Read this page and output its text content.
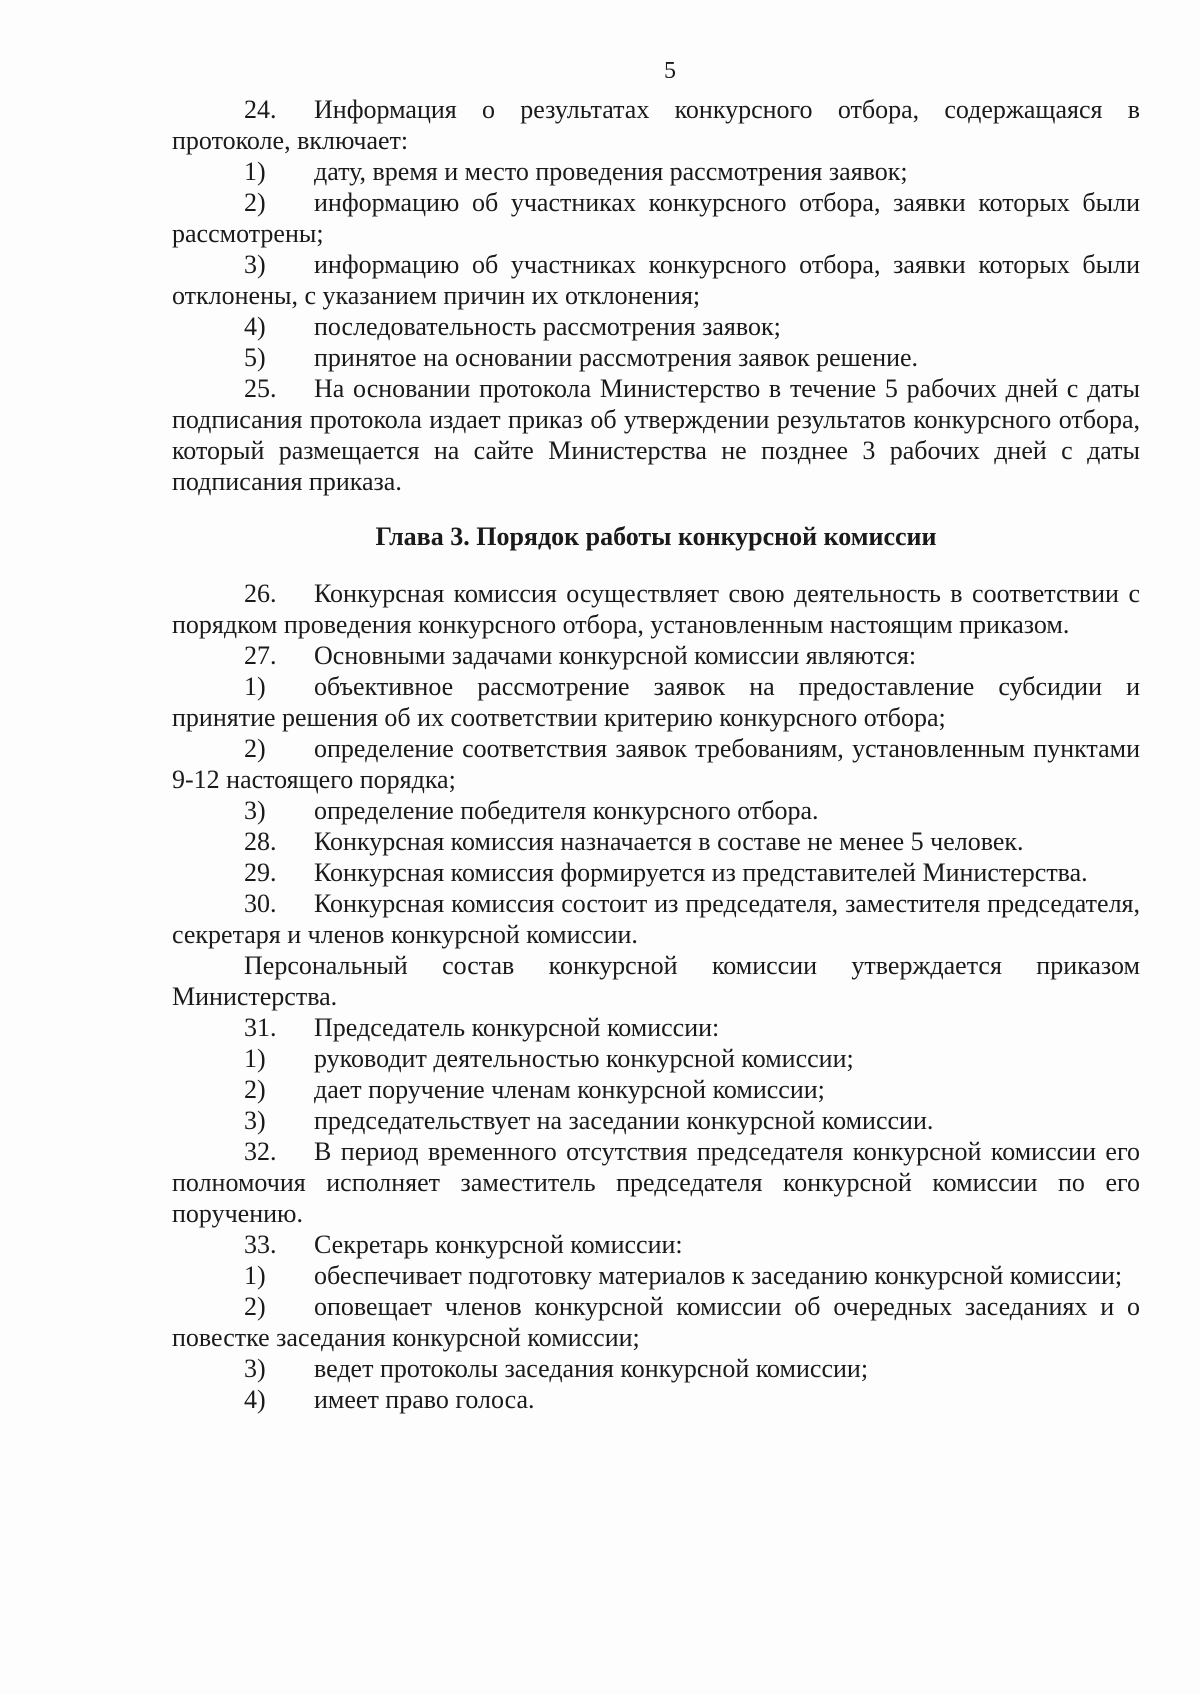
5

24. Информация о результатах конкурсного отбора, содержащаяся в протоколе, включает:

1) дату, время и место проведения рассмотрения заявок;

2) информацию об участниках конкурсного отбора, заявки которых были рассмотрены;

3) информацию об участниках конкурсного отбора, заявки которых были отклонены, с указанием причин их отклонения;

4) последовательность рассмотрения заявок;

5) принятое на основании рассмотрения заявок решение.

25. На основании протокола Министерство в течение 5 рабочих дней с даты подписания протокола издает приказ об утверждении результатов конкурсного отбора, который размещается на сайте Министерства не позднее 3 рабочих дней с даты подписания приказа.

Глава 3. Порядок работы конкурсной комиссии

26. Конкурсная комиссия осуществляет свою деятельность в соответствии с порядком проведения конкурсного отбора, установленным настоящим приказом.

27. Основными задачами конкурсной комиссии являются:

1) объективное рассмотрение заявок на предоставление субсидии и принятие решения об их соответствии критерию конкурсного отбора;

2) определение соответствия заявок требованиям, установленным пунктами 9-12 настоящего порядка;

3) определение победителя конкурсного отбора.

28. Конкурсная комиссия назначается в составе не менее 5 человек.

29. Конкурсная комиссия формируется из представителей Министерства.

30. Конкурсная комиссия состоит из председателя, заместителя председателя, секретаря и членов конкурсной комиссии.

Персональный состав конкурсной комиссии утверждается приказом Министерства.

31. Председатель конкурсной комиссии:

1) руководит деятельностью конкурсной комиссии;

2) дает поручение членам конкурсной комиссии;

3) председательствует на заседании конкурсной комиссии.

32. В период временного отсутствия председателя конкурсной комиссии его полномочия исполняет заместитель председателя конкурсной комиссии по его поручению.

33. Секретарь конкурсной комиссии:

1) обеспечивает подготовку материалов к заседанию конкурсной комиссии;

2) оповещает членов конкурсной комиссии об очередных заседаниях и о повестке заседания конкурсной комиссии;

3) ведет протоколы заседания конкурсной комиссии;

4) имеет право голоса.
